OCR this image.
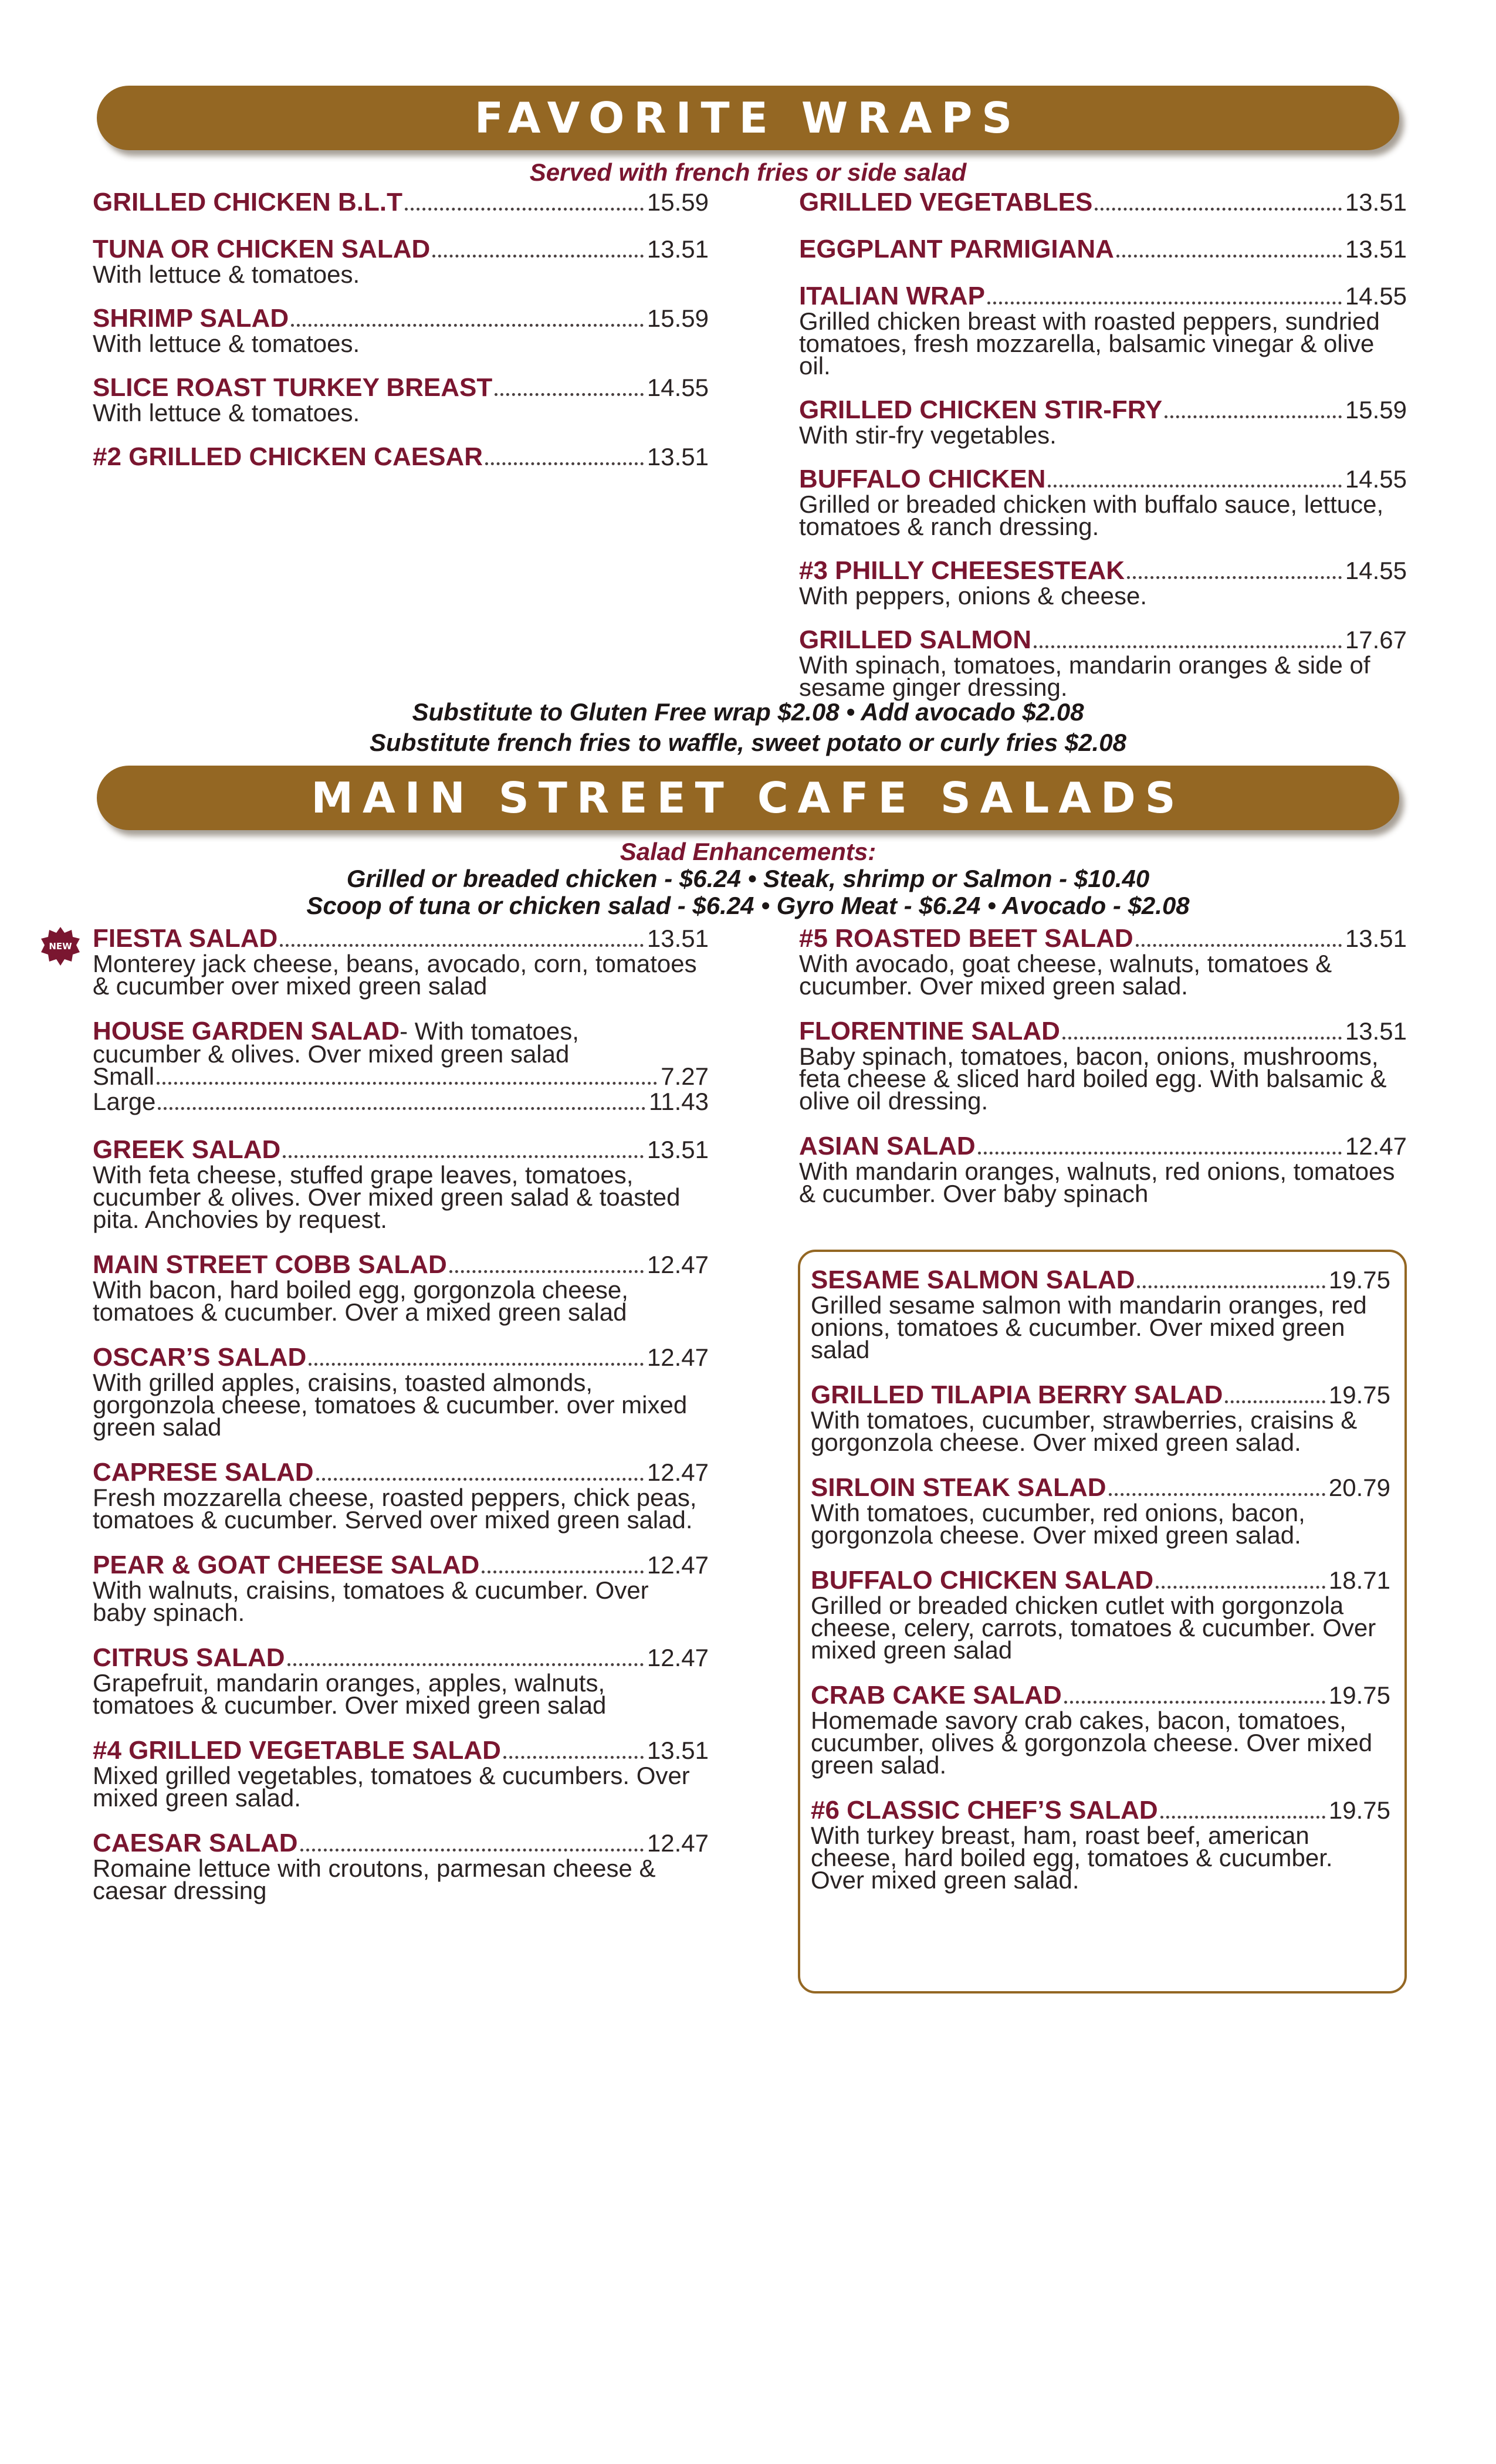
FAVORITE WRAPS
Served with french fries or side salad
GRILLED CHICKEN B.L.T	15.59
TUNA OR CHICKEN SALAD	13.51
With lettuce & tomatoes.
SHRIMP SALAD	15.59
With lettuce & tomatoes.
SLICE ROAST TURKEY BREAST	14.55
With lettuce & tomatoes.
#2 GRILLED CHICKEN CAESAR	13.51
GRILLED VEGETABLES	13.51
EGGPLANT PARMIGIANA	13.51
ITALIAN WRAP	14.55
Grilled chicken breast with roasted peppers, sundried tomatoes, fresh mozzarella, balsamic vinegar & olive oil.
GRILLED CHICKEN STIR-FRY	15.59
With stir-fry vegetables.
BUFFALO CHICKEN	14.55
Grilled or breaded chicken with buffalo sauce, lettuce, tomatoes & ranch dressing.
#3 PHILLY CHEESESTEAK	14.55
With peppers, onions & cheese.
GRILLED SALMON	17.67
With spinach, tomatoes, mandarin oranges & side of sesame ginger dressing.
Substitute to Gluten Free wrap $2.08 • Add avocado $2.08
Substitute french fries to waffle, sweet potato or curly fries $2.08
MAIN STREET CAFE SALADS
Salad Enhancements:
Grilled or breaded chicken - $6.24 • Steak, shrimp or Salmon - $10.40
Scoop of tuna or chicken salad - $6.24 • Gyro Meat - $6.24 • Avocado - $2.08
NEW FIESTA SALAD	13.51
Monterey jack cheese, beans, avocado, corn, tomatoes & cucumber over mixed green salad
HOUSE GARDEN SALAD - With tomatoes,
cucumber & olives. Over mixed green salad
Small	7.27
Large	11.43
GREEK SALAD	13.51
With feta cheese, stuffed grape leaves, tomatoes, cucumber & olives. Over mixed green salad & toasted pita. Anchovies by request.
MAIN STREET COBB SALAD	12.47
With bacon, hard boiled egg, gorgonzola cheese, tomatoes & cucumber. Over a mixed green salad
OSCAR’S SALAD	12.47
With grilled apples, craisins, toasted almonds, gorgonzola cheese, tomatoes & cucumber. over mixed green salad
CAPRESE SALAD	12.47
Fresh mozzarella cheese, roasted peppers, chick peas, tomatoes & cucumber. Served over mixed green salad.
PEAR & GOAT CHEESE SALAD	12.47
With walnuts, craisins, tomatoes & cucumber. Over baby spinach.
CITRUS SALAD	12.47
Grapefruit, mandarin oranges, apples, walnuts, tomatoes & cucumber. Over mixed green salad
#4 GRILLED VEGETABLE SALAD	13.51
Mixed grilled vegetables, tomatoes & cucumbers. Over mixed green salad.
CAESAR SALAD	12.47
Romaine lettuce with croutons, parmesan cheese & caesar dressing
#5 ROASTED BEET SALAD	13.51
With avocado, goat cheese, walnuts, tomatoes & cucumber. Over mixed green salad.
FLORENTINE SALAD	13.51
Baby spinach, tomatoes, bacon, onions, mushrooms, feta cheese & sliced hard boiled egg. With balsamic & olive oil dressing.
ASIAN SALAD	12.47
With mandarin oranges, walnuts, red onions, tomatoes & cucumber. Over baby spinach
SESAME SALMON SALAD	19.75
Grilled sesame salmon with mandarin oranges, red onions, tomatoes & cucumber. Over mixed green salad
GRILLED TILAPIA BERRY SALAD	19.75
With tomatoes, cucumber, strawberries, craisins & gorgonzola cheese. Over mixed green salad.
SIRLOIN STEAK SALAD	20.79
With tomatoes, cucumber, red onions, bacon, gorgonzola cheese. Over mixed green salad.
BUFFALO CHICKEN SALAD	18.71
Grilled or breaded chicken cutlet with gorgonzola cheese, celery, carrots, tomatoes & cucumber. Over mixed green salad
CRAB CAKE SALAD	19.75
Homemade savory crab cakes, bacon, tomatoes, cucumber, olives & gorgonzola cheese. Over mixed green salad.
#6 CLASSIC CHEF’S SALAD	19.75
With turkey breast, ham, roast beef, american cheese, hard boiled egg, tomatoes & cucumber. Over mixed green salad.
